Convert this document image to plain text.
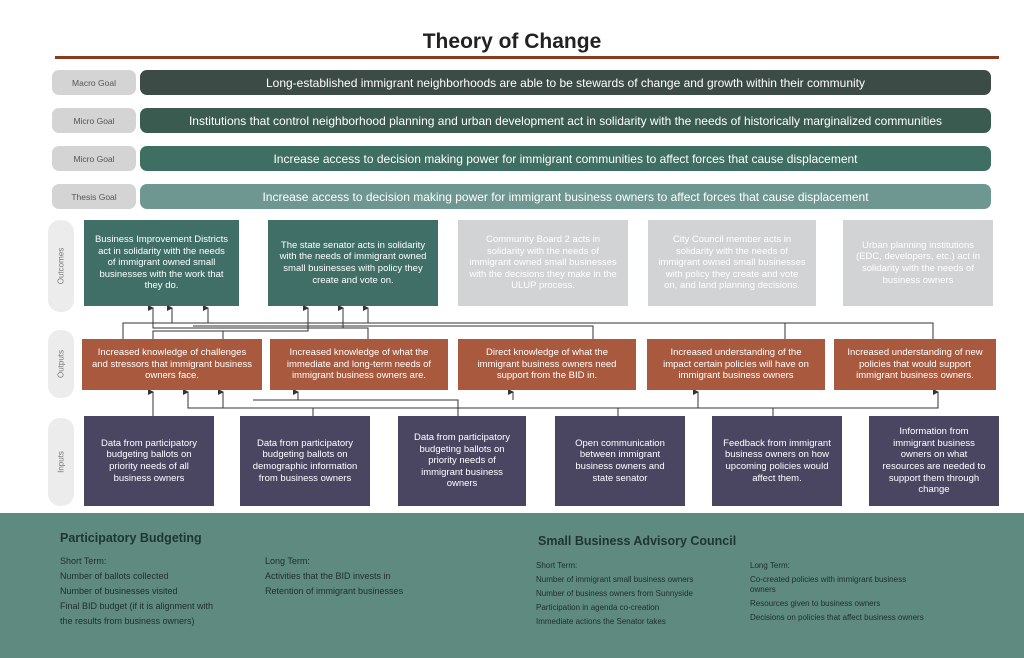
Theory of Change
Macro Goal	Long-established immigrant neighborhoods are able to be stewards of change and growth within their community
Micro Goal	Institutions that control neighborhood planning and urban development act in solidarity with the needs of historically marginalized communities
Micro Goal	Increase access to decision making power for immigrant communities to affect forces that cause displacement
Thesis Goal	Increase access to decision making power for immigrant business owners to affect forces that cause displacement
Outcomes
Outputs
Inputs
Business Improvement Districts act in solidarity with the needs of immigrant owned small businesses with the work that they do.
The state senator acts in solidarity with the needs of immigrant owned small businesses with policy they create and vote on.
Community Board 2 acts in solidarity with the needs of immigrant owned small businesses with the decisions they make in the ULUP process.
City Council member acts in solidarity with the needs of immigrant owned small businesses with policy they create and vote on, and land planning decisions.
Urban planning institutions (EDC, developers, etc.) act in solidarity with the needs of business owners
Increased knowledge of challenges and stressors that immigrant business owners face.
Increased knowledge of what the immediate and long-term needs of immigrant business owners are.
Direct knowledge of what the immigrant business owners need support from the BID in.
Increased understanding of the impact certain policies will have on immigrant business owners
Increased understanding of new policies that would support immigrant business owners.
Data from participatory budgeting ballots on priority needs of all business owners
Data from participatory budgeting ballots on demographic information from business owners
Data from participatory budgeting ballots on priority needs of immigrant business owners
Open communication between immigrant business owners and state senator
Feedback from immigrant business owners on how upcoming policies would affect them.
Information from immigrant business owners on what resources are needed to support them through change
Participatory Budgeting
Short Term:
Number of ballots collected
Number of businesses visited
Final BID budget (if it is alignment with
the results from business owners)
Long Term:
Activities that the BID invests in
Retention of immigrant businesses
Small Business Advisory Council
Short Term:
Number of immigrant small business owners
Number of business owners from Sunnyside
Participation in agenda co-creation
Immediate actions the Senator takes
Long Term:
Co-created policies with immigrant business owners
Resources given to business owners
Decisions on policies that affect business owners
